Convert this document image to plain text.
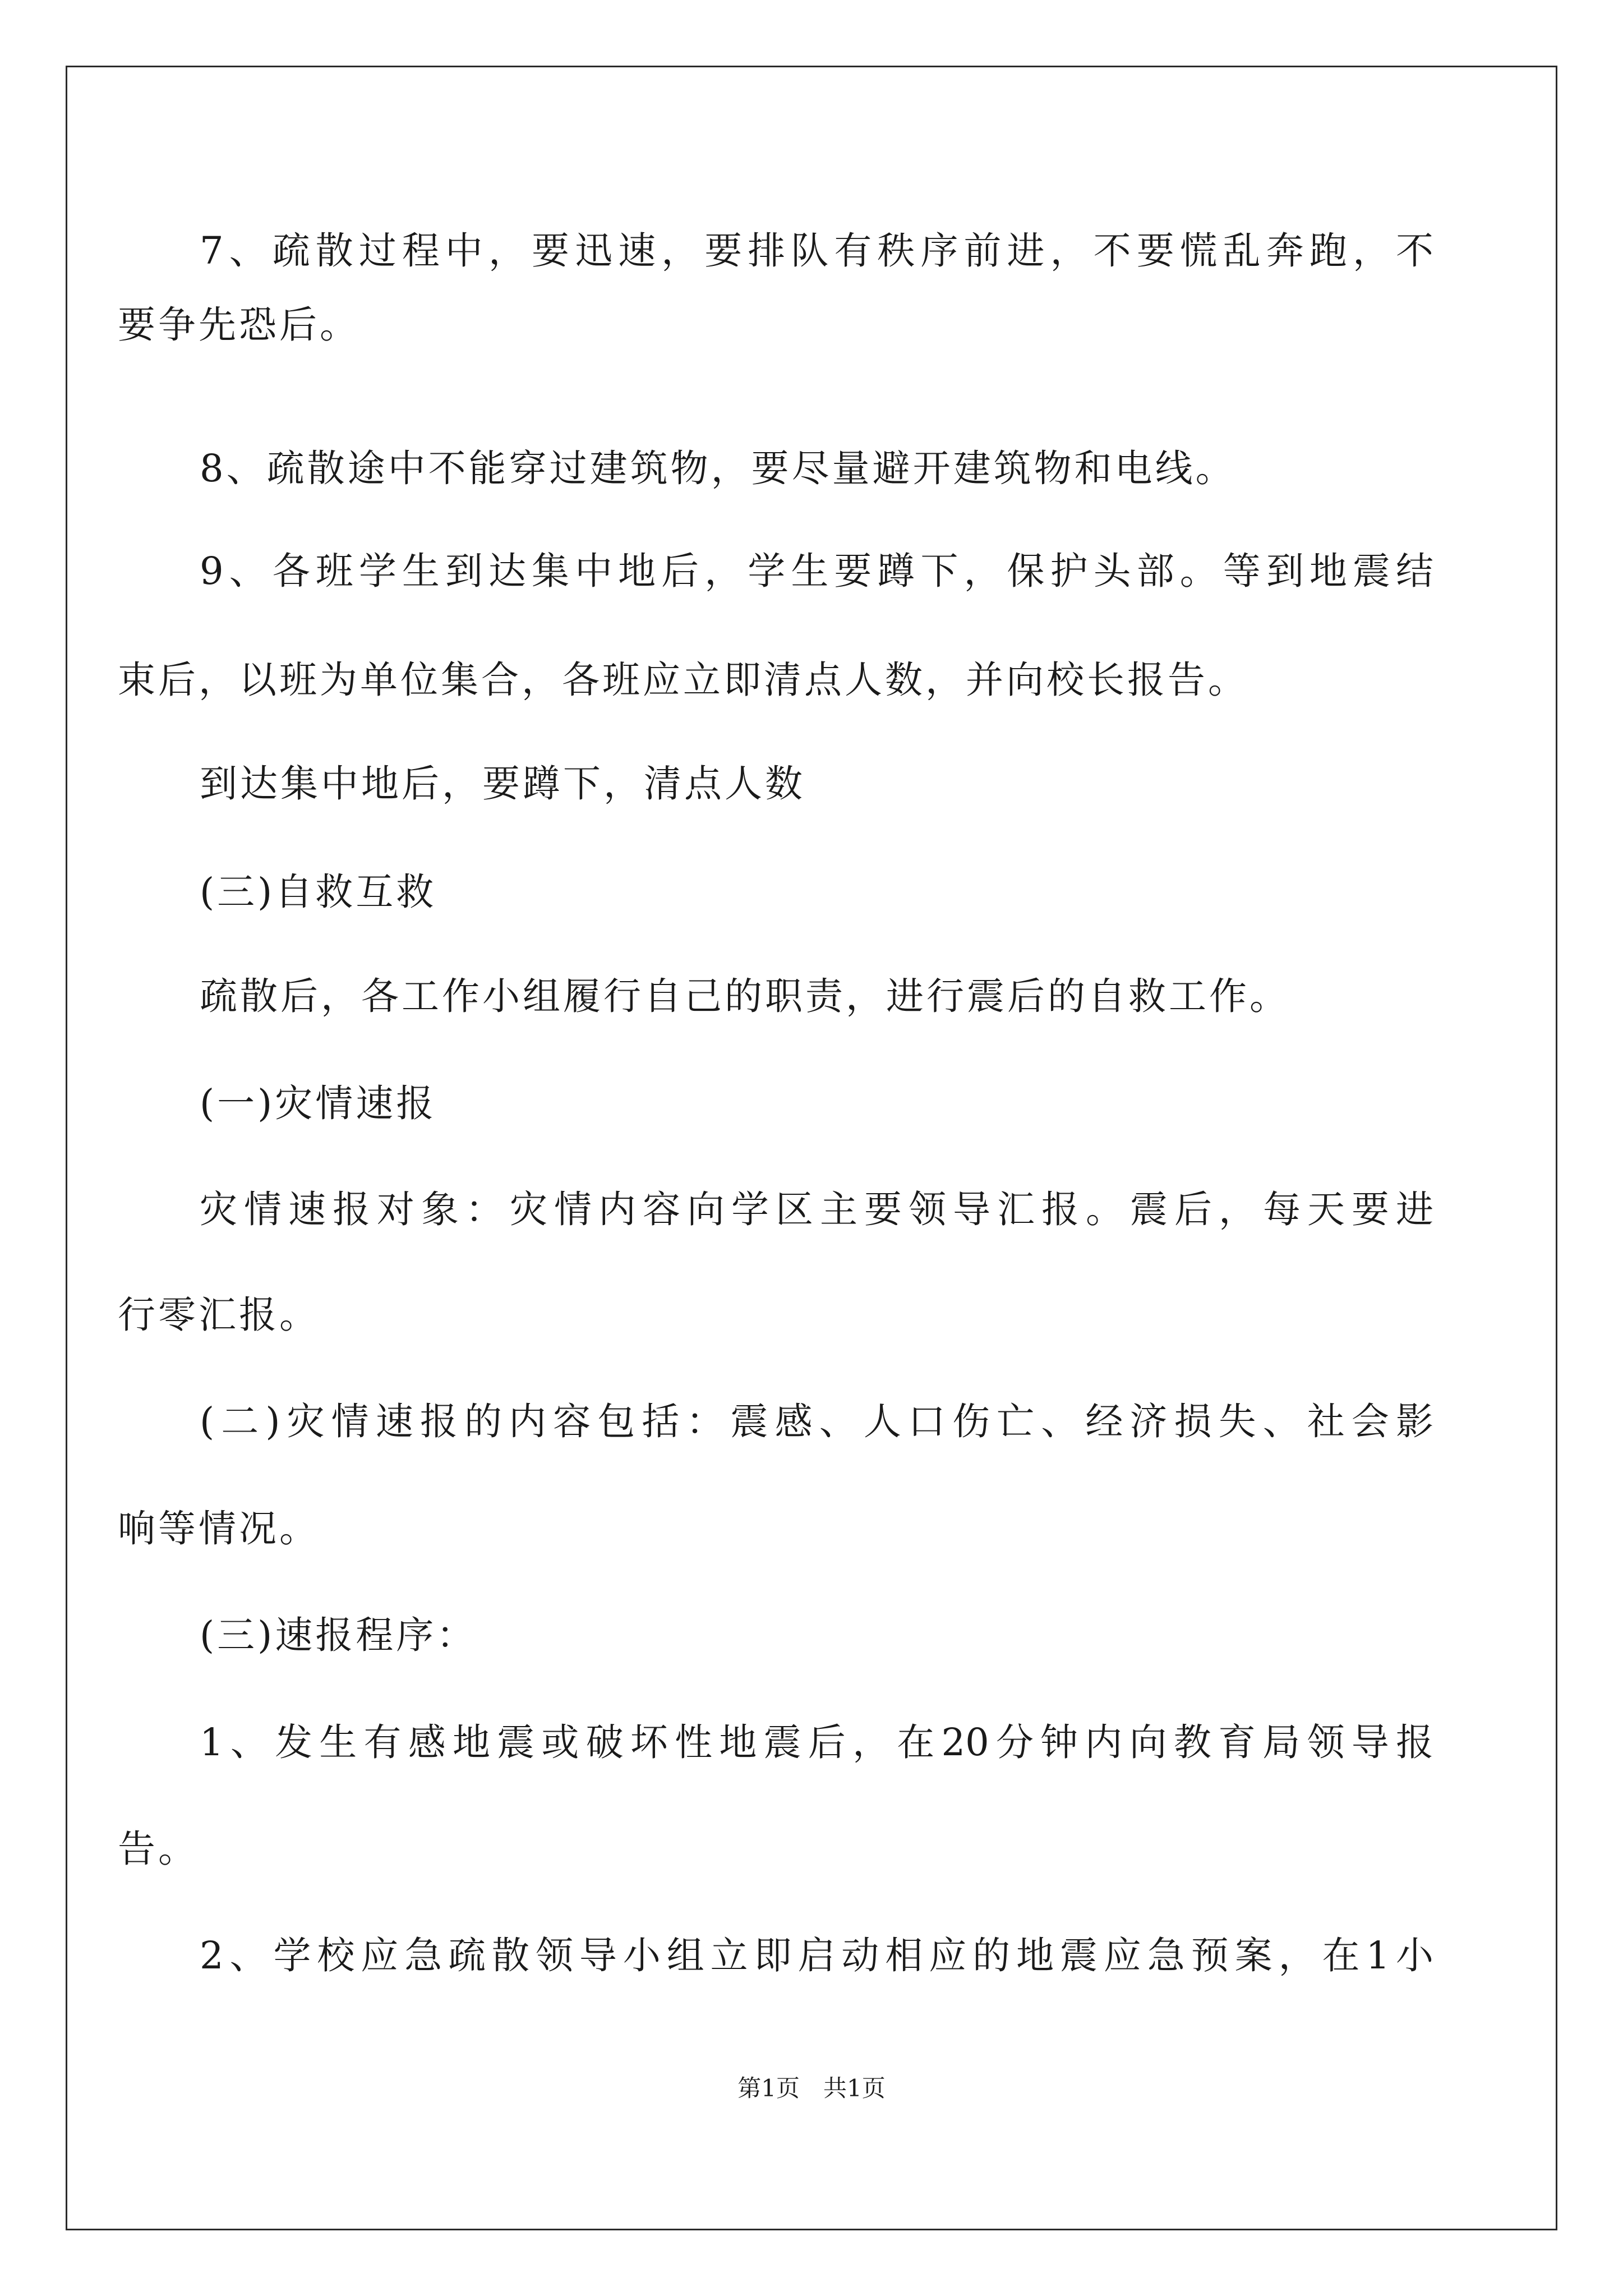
7、疏散过程中，要迅速，要排队有秩序前进，不要慌乱奔跑，不
要争先恐后。
8、疏散途中不能穿过建筑物，要尽量避开建筑物和电线。
9、各班学生到达集中地后，学生要蹲下，保护头部。等到地震结
束后，以班为单位集合，各班应立即清点人数，并向校长报告。
到达集中地后，要蹲下，清点人数
(三)自救互救
疏散后，各工作小组履行自己的职责，进行震后的自救工作。
(一)灾情速报
灾情速报对象：灾情内容向学区主要领导汇报。震后，每天要进
行零汇报。
(二)灾情速报的内容包括：震感、人口伤亡、经济损失、社会影
响等情况。
(三)速报程序：
1、发生有感地震或破坏性地震后，在20分钟内向教育局领导报
告。
2、学校应急疏散领导小组立即启动相应的地震应急预案，在1小
第1页　共1页
